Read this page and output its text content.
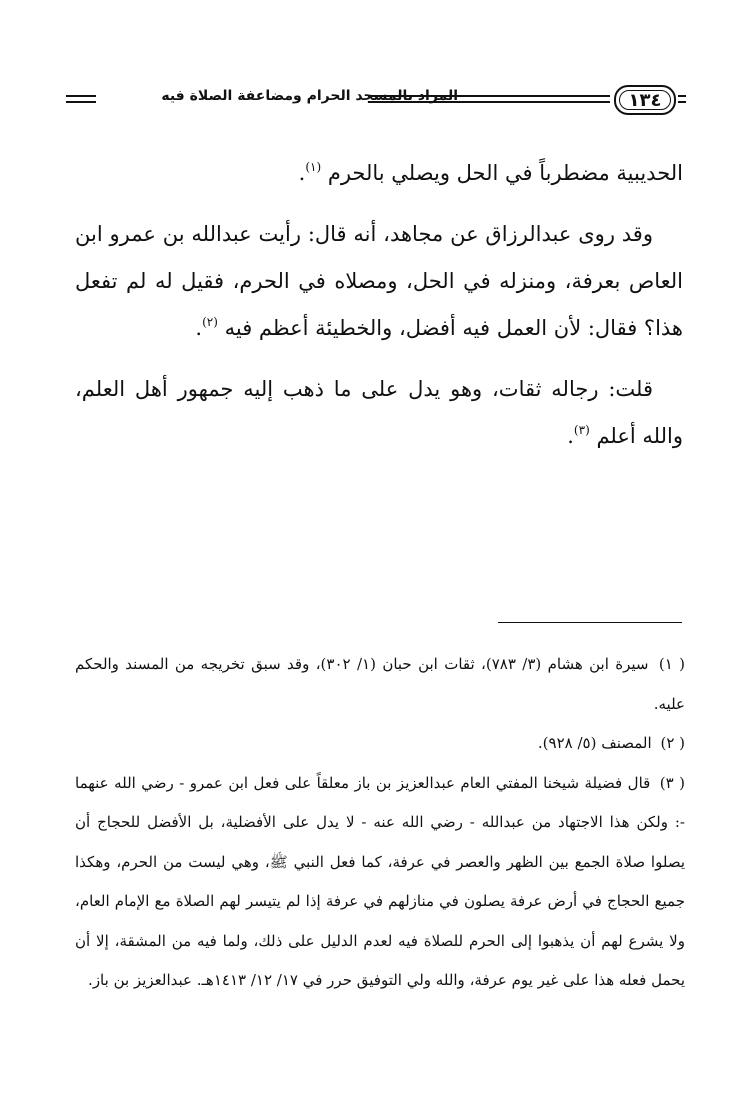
المراد بالمسجد الحرام ومضاعفة الصلاة فيه	١٣٤

الحديبية مضطرباً في الحل ويصلي بالحرم $^{(١)}$.

وقد روى عبدالرزاق عن مجاهد، أنه قال: رأيت عبدالله بن عمرو ابن العاص بعرفة، ومنزله في الحل، ومصلاه في الحرم، فقيل له لم تفعل هذا؟ فقال: لأن العمل فيه أفضل، والخطيئة أعظم فيه $^{(٢)}$.

قلت: رجاله ثقات، وهو يدل على ما ذهب إليه جمهور أهل العلم، والله أعلم $^{(٣)}$.

( ١) سيرة ابن هشام (٣/ ٧٨٣)، ثقات ابن حبان (١/ ٣٠٢)، وقد سبق تخريجه من المسند والحكم عليه.

( ٢) المصنف (٥/ ٩٢٨).

( ٣) قال فضيلة شيخنا المفتي العام عبدالعزيز بن باز معلقاً على فعل ابن عمرو - رضي الله عنهما -: ولكن هذا الاجتهاد من عبدالله - رضي الله عنه - لا يدل على الأفضلية، بل الأفضل للحجاج أن يصلوا صلاة الجمع بين الظهر والعصر في عرفة، كما فعل النبي ﷺ، وهي ليست من الحرم، وهكذا جميع الحجاج في أرض عرفة يصلون في منازلهم في عرفة إذا لم يتيسر لهم الصلاة مع الإمام العام، ولا يشرع لهم أن يذهبوا إلى الحرم للصلاة فيه لعدم الدليل على ذلك، ولما فيه من المشقة، إلا أن يحمل فعله هذا على غير يوم عرفة، والله ولي التوفيق حرر في ١٧/ ١٢/ ١٤١٣هـ. عبدالعزيز بن باز.
